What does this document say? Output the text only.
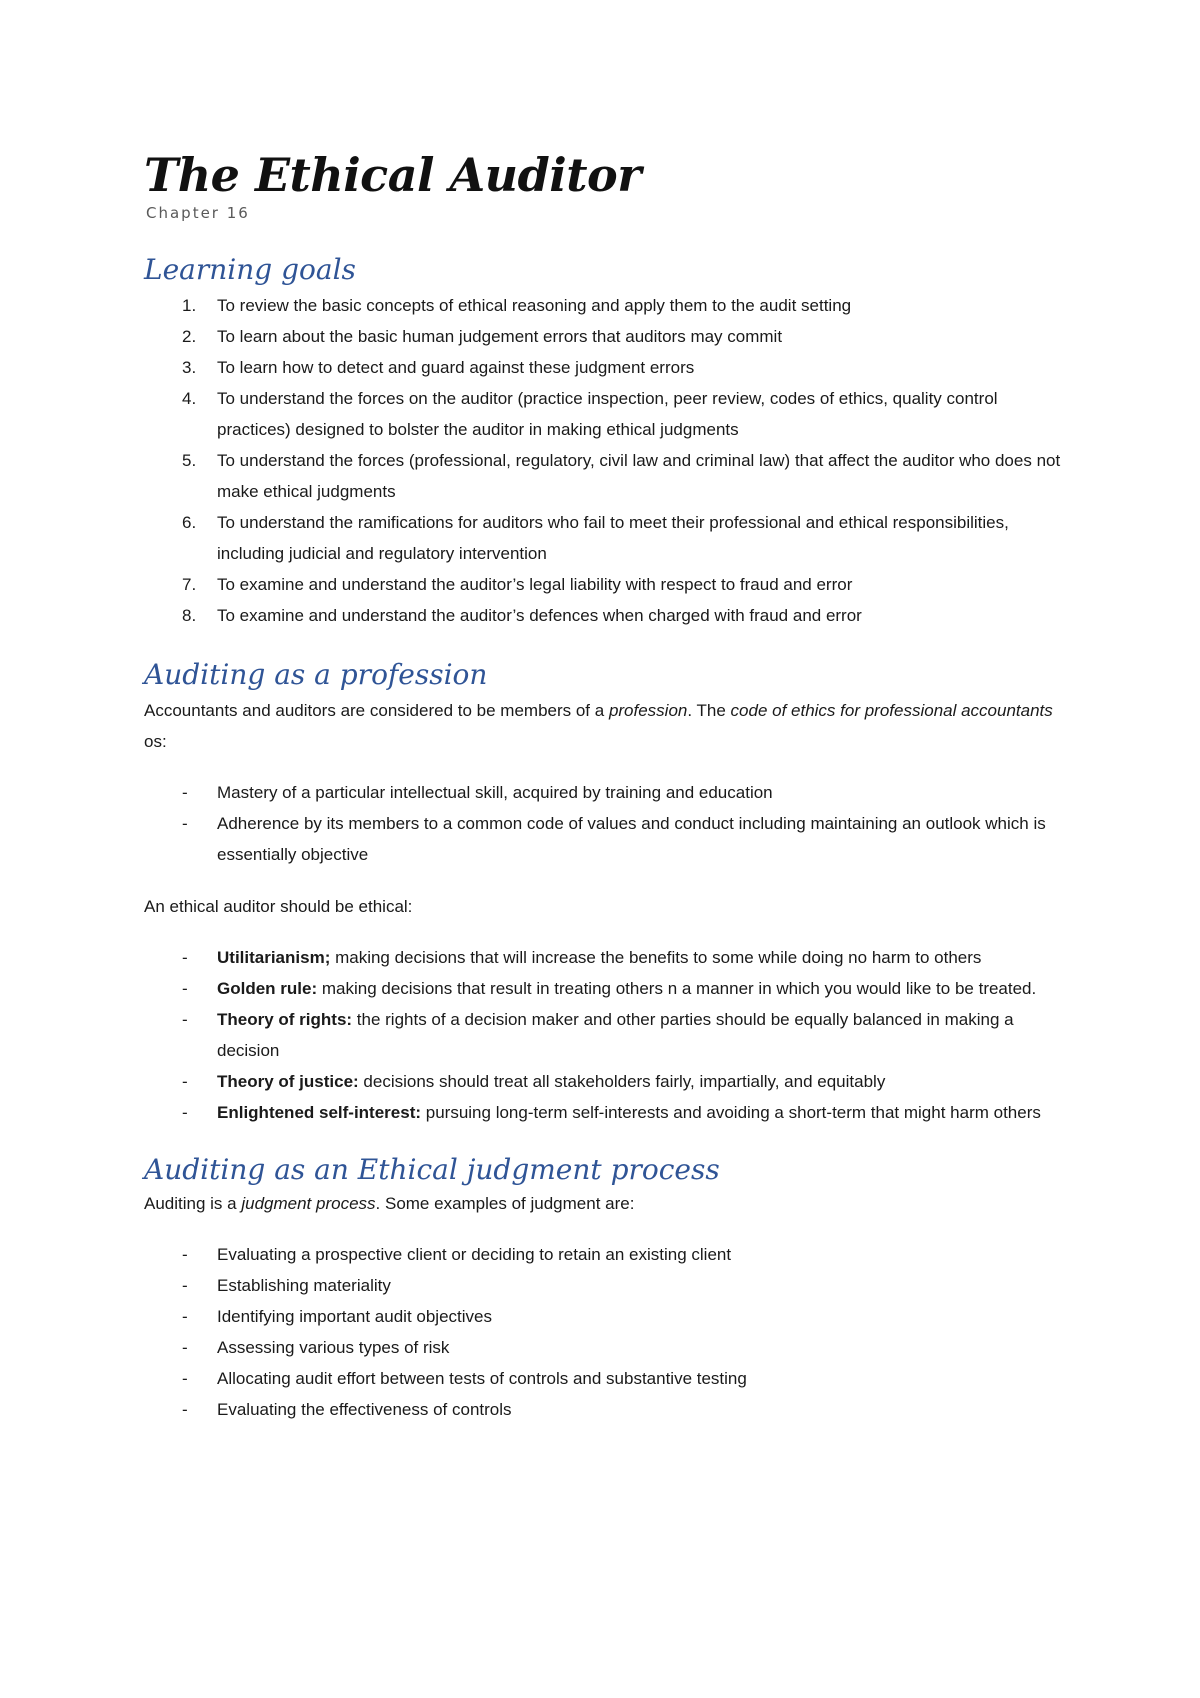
The Ethical Auditor
Chapter 16
Learning goals
1. To review the basic concepts of ethical reasoning and apply them to the audit setting
2. To learn about the basic human judgement errors that auditors may commit
3. To learn how to detect and guard against these judgment errors
4. To understand the forces on the auditor (practice inspection, peer review, codes of ethics, quality control practices) designed to bolster the auditor in making ethical judgments
5. To understand the forces (professional, regulatory, civil law and criminal law) that affect the auditor who does not make ethical judgments
6. To understand the ramifications for auditors who fail to meet their professional and ethical responsibilities, including judicial and regulatory intervention
7. To examine and understand the auditor’s legal liability with respect to fraud and error
8. To examine and understand the auditor’s defences when charged with fraud and error
Auditing as a profession

Accountants and auditors are considered to be members of a profession. The code of ethics for professional accountants os:

- Mastery of a particular intellectual skill, acquired by training and education
- Adherence by its members to a common code of values and conduct including maintaining an outlook which is essentially objective

An ethical auditor should be ethical:

- Utilitarianism; making decisions that will increase the benefits to some while doing no harm to others
- Golden rule: making decisions that result in treating others n a manner in which you would like to be treated.
- Theory of rights: the rights of a decision maker and other parties should be equally balanced in making a decision
- Theory of justice: decisions should treat all stakeholders fairly, impartially, and equitably
- Enlightened self-interest: pursuing long-term self-interests and avoiding a short-term that might harm others
Auditing as an Ethical judgment process

Auditing is a judgment process. Some examples of judgment are:

- Evaluating a prospective client or deciding to retain an existing client
- Establishing materiality
- Identifying important audit objectives
- Assessing various types of risk
- Allocating audit effort between tests of controls and substantive testing
- Evaluating the effectiveness of controls
